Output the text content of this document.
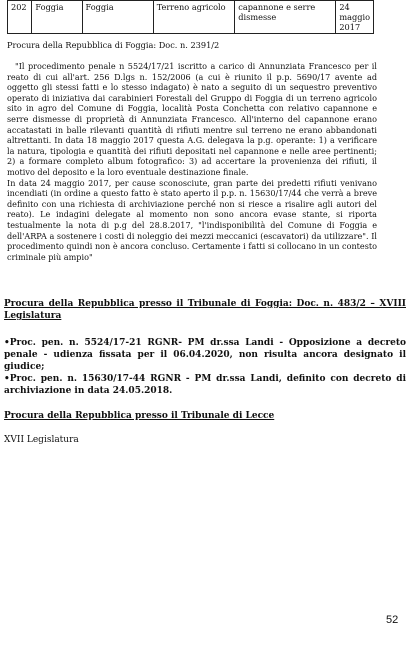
202	Foggia	Foggia	Terreno agricolo	capannone e serre dismesse	24 maggio 2017
Procura della Repubblica di Foggia: Doc. n. 2391/2

"Il procedimento penale n 5524/17/21 iscritto a carico di Annunziata Francesco per il reato di cui all'art. 256 D.lgs n. 152/2006 (a cui è riunito il p.p. 5690/17 avente ad oggetto gli stessi fatti e lo stesso indagato) è nato a seguito di un sequestro preventivo operato di iniziativa dai carabinieri Forestali del Gruppo di Foggia di un terreno agricolo sito in agro del Comune di Foggia, località Posta Conchetta con relativo capannone e serre dismesse di proprietà di Annunziata Francesco. All'interno del capannone erano accatastati in balle rilevanti quantità di rifiuti mentre sul terreno ne erano abbandonati altrettanti. In data 18 maggio 2017 questa A.G. delegava la p.g. operante: 1) a verificare la natura, tipologia e quantità dei rifiuti depositati nel capannone e nelle aree pertinenti; 2) a formare completo album fotografico: 3) ad accertare la provenienza dei rifiuti, il motivo del deposito e la loro eventuale destinazione finale.

In data 24 maggio 2017, per cause sconosciute, gran parte dei predetti rifiuti venivano incendiati (in ordine a questo fatto è stato aperto il p.p. n. 15630/17/44 che verrà a breve definito con una richiesta di archiviazione perché non si riesce a risalire agli autori del reato). Le indagini delegate al momento non sono ancora evase stante, si riporta testualmente la nota di p.g del 28.8.2017, "l'indisponibilità del Comune di Foggia e dell'ARPA a sostenere i costi di noleggio dei mezzi meccanici (escavatori) da utilizzare". Il procedimento quindi non è ancora concluso. Certamente i fatti si collocano in un contesto criminale più ampio"

Procura della Repubblica presso il Tribunale di Foggia: Doc. n. 483/2 – XVIII Legislatura

•Proc. pen. n. 5524/17-21 RGNR- PM dr.ssa Landi - Opposizione a decreto penale - udienza fissata per il 06.04.2020, non risulta ancora designato il giudice;

•Proc. pen. n. 15630/17-44 RGNR - PM dr.ssa Landi, definito con decreto di archiviazione in data 24.05.2018.

Procura della Repubblica presso il Tribunale di Lecce
XVII Legislatura
52
